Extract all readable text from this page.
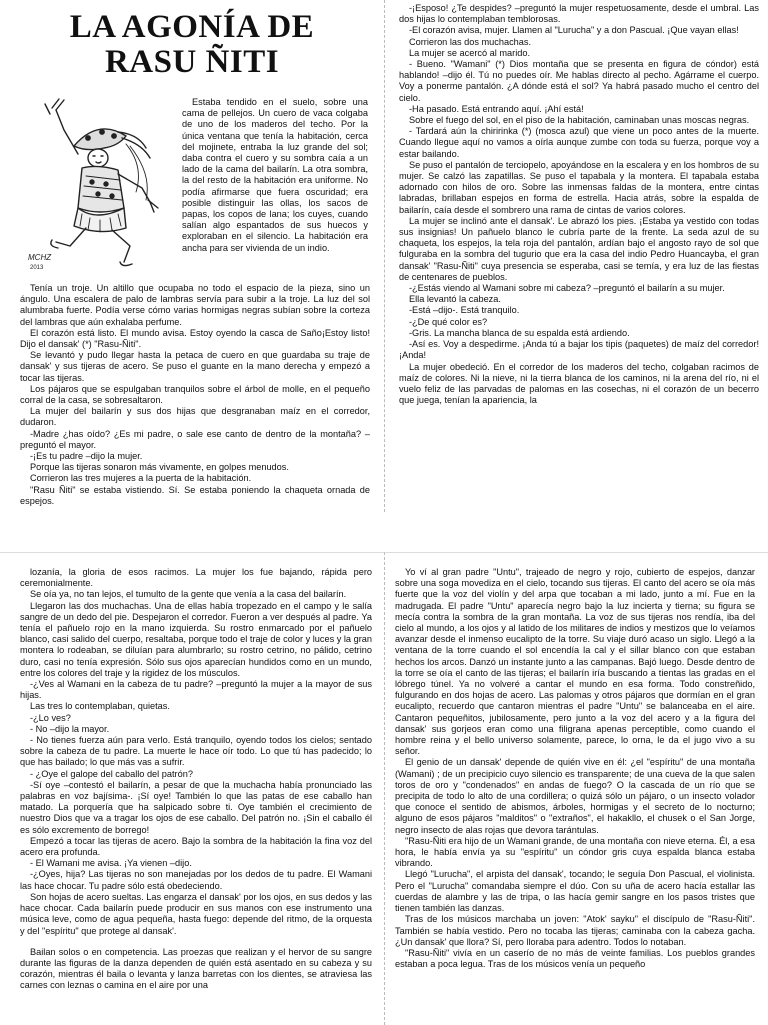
LA AGONÍA DE RASU ÑITI
MCHZ
2013

Estaba tendido en el suelo, sobre una cama de pellejos. Un cuero de vaca colgaba de uno de los maderos del techo. Por la única ventana que tenía la habitación, cerca del mojinete, entraba la luz grande del sol; daba contra el cuero y su sombra caía a un lado de la cama del bailarín. La otra sombra, la del resto de la habitación era uniforme. No podía afirmarse que fuera oscuridad; era posible distinguir las ollas, los sacos de papas, los copos de lana; los cuyes, cuando salían algo espantados de sus huecos y exploraban en el silencio. La habitación era ancha para ser vivienda de un indio.

Tenía un troje. Un altillo que ocupaba no todo el espacio de la pieza, sino un ángulo. Una escalera de palo de lambras servía para subir a la troje. La luz del sol alumbraba fuerte. Podía verse cómo varias hormigas negras subían sobre la corteza del lambras que aún exhalaba perfume.

El corazón está listo. El mundo avisa. Estoy oyendo la casca de Saño¡Estoy listo! Dijo el dansak' (*) "Rasu-Ñiti".

Se levantó y pudo llegar hasta la petaca de cuero en que guardaba su traje de dansak' y sus tijeras de acero. Se puso el guante en la mano derecha y empezó a tocar las tijeras.

Los pájaros que se espulgaban tranquilos sobre el árbol de molle, en el pequeño corral de la casa, se sobresaltaron.

La mujer del bailarín y sus dos hijas que desgranaban maíz en el corredor, dudaron.

-Madre ¿has oído? ¿Es mi padre, o sale ese canto de dentro de la montaña? –preguntó el mayor.

-¡Es tu padre –dijo la mujer.

Porque las tijeras sonaron más vivamente, en golpes menudos.

Corrieron las tres mujeres a la puerta de la habitación.

"Rasu Ñiti" se estaba vistiendo. Sí. Se estaba poniendo la chaqueta ornada de espejos.

-¡Esposo! ¿Te despides? –preguntó la mujer respetuosamente, desde el umbral. Las dos hijas lo contemplaban temblorosas.

-El corazón avisa, mujer. Llamen al "Lurucha" y a don Pascual. ¡Que vayan ellas!

Corrieron las dos muchachas.

La mujer se acercó al marido.

- Bueno. "Wamani" (*) Dios montaña que se presenta en figura de cóndor) está hablando! –dijo él. Tú no puedes oír. Me hablas directo al pecho. Agárrame el cuerpo. Voy a ponerme pantalón. ¿A dónde está el sol? Ya habrá pasado mucho el centro del cielo.

-Ha pasado. Está entrando aquí. ¡Ahí está!

Sobre el fuego del sol, en el piso de la habitación, caminaban unas moscas negras.

- Tardará aún la chiririnka (*) (mosca azul) que viene un poco antes de la muerte. Cuando llegue aquí no vamos a oírla aunque zumbe con toda su fuerza, porque voy a estar bailando.

Se puso el pantalón de terciopelo, apoyándose en la escalera y en los hombros de su mujer. Se calzó las zapatillas. Se puso el tapabala y la montera. El tapabala estaba adornado con hilos de oro. Sobre las inmensas faldas de la montera, entre cintas labradas, brillaban espejos en forma de estrella. Hacia atrás, sobre la espalda de bailarín, caía desde el sombrero una rama de cintas de varios colores.

La mujer se inclinó ante el dansak'. Le abrazó los pies. ¡Estaba ya vestido con todas sus insignias! Un pañuelo blanco le cubría parte de la frente. La seda azul de su chaqueta, los espejos, la tela roja del pantalón, ardían bajo el angosto rayo de sol que fulguraba en la sombra del tugurio que era la casa del indio Pedro Huancayba, el gran dansak' "Rasu-Ñiti" cuya presencia se esperaba, casi se temía, y era luz de las fiestas de centenares de pueblos.

-¿Estás viendo al Wamani sobre mi cabeza? –preguntó el bailarín a su mujer.

Ella levantó la cabeza.

-Está –dijo-. Está tranquilo.

-¿De qué color es?

-Gris. La mancha blanca de su espalda está ardiendo.

-Así es. Voy a despedirme. ¡Anda tú a bajar los tipis (paquetes) de maíz del corredor! ¡Anda!

La mujer obedeció. En el corredor de los maderos del techo, colgaban racimos de maíz de colores. Ni la nieve, ni la tierra blanca de los caminos, ni la arena del río, ni el vuelo feliz de las parvadas de palomas en las cosechas, ni el corazón de un becerro que juega, tenían la apariencia, la

lozanía, la gloria de esos racimos. La mujer los fue bajando, rápida pero ceremonialmente.

Se oía ya, no tan lejos, el tumulto de la gente que venía a la casa del bailarín.

Llegaron las dos muchachas. Una de ellas había tropezado en el campo y le salía sangre de un dedo del pie. Despejaron el corredor. Fueron a ver después al padre. Ya tenía el pañuelo rojo en la mano izquierda. Su rostro enmarcado por el pañuelo blanco, casi salido del cuerpo, resaltaba, porque todo el traje de color y luces y la gran montera lo rodeaban, se diluían para alumbrarlo; su rostro cetrino, no pálido, cetrino duro, casi no tenía expresión. Sólo sus ojos aparecían hundidos como en un mundo, entre los colores del traje y la rigidez de los músculos.

-¿Ves al Wamani en la cabeza de tu padre? –preguntó la mujer a la mayor de sus hijas.

Las tres lo contemplaban, quietas.

-¿Lo ves?

- No –dijo la mayor.

- No tienes fuerza aún para verlo. Está tranquilo, oyendo todos los cielos; sentado sobre la cabeza de tu padre. La muerte le hace oír todo. Lo que tú has padecido; lo que has bailado; lo que más vas a sufrir.

- ¿Oye el galope del caballo del patrón?

-Sí oye –contestó el bailarín, a pesar de que la muchacha había pronunciado las palabras en voz bajísima-. ¡Sí oye! También lo que las patas de ese caballo han matado. La porquería que ha salpicado sobre ti. Oye también el crecimiento de nuestro Dios que va a tragar los ojos de ese caballo. Del patrón no. ¡Sin el caballo él es sólo excremento de borrego!

Empezó a tocar las tijeras de acero. Bajo la sombra de la habitación la fina voz del acero era profunda.

- El Wamani me avisa. ¡Ya vienen –dijo.

-¿Oyes, hija? Las tijeras no son manejadas por los dedos de tu padre. El Wamani las hace chocar. Tu padre sólo está obedeciendo.

Son hojas de acero sueltas. Las engarza el dansak' por los ojos, en sus dedos y las hace chocar. Cada bailarín puede producir en sus manos con ese instrumento una música leve, como de agua pequeña, hasta fuego: depende del ritmo, de la orquesta y del "espíritu" que protege al dansak'.

Bailan solos o en competencia. Las proezas que realizan y el hervor de su sangre durante las figuras de la danza dependen de quién está asentado en su cabeza y su corazón, mientras él baila o levanta y lanza barretas con los dientes, se atraviesa las carnes con leznas o camina en el aire por una

Yo ví al gran padre "Untu", trajeado de negro y rojo, cubierto de espejos, danzar sobre una soga movediza en el cielo, tocando sus tijeras. El canto del acero se oía más fuerte que la voz del violín y del arpa que tocaban a mi lado, junto a mí. Fue en la madrugada. El padre "Untu" aparecía negro bajo la luz incierta y tierna; su figura se mecía contra la sombra de la gran montaña. La voz de sus tijeras nos rendía, iba del cielo al mundo, a los ojos y al latido de los militares de indios y mestizos que lo veíamos avanzar desde el inmenso eucalipto de la torre. Su viaje duró acaso un siglo. Llegó a la ventana de la torre cuando el sol encendía la cal y el sillar blanco con que estaban hechos los arcos. Danzó un instante junto a las campanas. Bajó luego. Desde dentro de la torre se oía el canto de las tijeras; el bailarín iría buscando a tientas las gradas en el lóbrego túnel. Ya no volveré a cantar el mundo en esa forma. Todo constreñido, fulgurando en dos hojas de acero. Las palomas y otros pájaros que dormían en el gran eucalipto, recuerdo que cantaron mientras el padre "Untu" se balanceaba en el aire. Cantaron pequeñitos, jubilosamente, pero junto a la voz del acero y a la figura del dansak' sus gorjeos eran como una filigrana apenas perceptible, como cuando el hombre reina y el bello universo solamente, parece, lo orna, le da el jugo vivo a su señor.

El genio de un dansak' depende de quién vive en él: ¿el "espíritu" de una montaña (Wamani) ; de un precipicio cuyo silencio es transparente; de una cueva de la que salen toros de oro y "condenados" en andas de fuego? O la cascada de un río que se precipita de todo lo alto de una cordillera; o quizá sólo un pájaro, o un insecto volador que conoce el sentido de abismos, árboles, hormigas y el secreto de lo nocturno; alguno de esos pájaros "malditos" o "extraños", el hakakllo, el chusek o el San Jorge, negro insecto de alas rojas que devora tarántulas.

"Rasu-Ñiti era hijo de un Wamani grande, de una montaña con nieve eterna. Él, a esa hora, le había envía ya su "espíritu" un cóndor gris cuya espalda blanca estaba vibrando.

Llegó "Lurucha", el arpista del dansak', tocando; le seguía Don Pascual, el violinista. Pero el "Lurucha" comandaba siempre el dúo. Con su uña de acero hacía estallar las cuerdas de alambre y las de tripa, o las hacía gemir sangre en los pasos tristes que tienen también las danzas.

Tras de los músicos marchaba un joven: "Atok' sayku" el discípulo de "Rasu-Ñiti". También se había vestido. Pero no tocaba las tijeras; caminaba con la cabeza gacha. ¿Un dansak' que llora? Sí, pero lloraba para adentro. Todos lo notaban.

"Rasu-Ñiti" vivía en un caserío de no más de veinte familias. Los pueblos grandes estaban a poca legua. Tras de los músicos venía un pequeño
